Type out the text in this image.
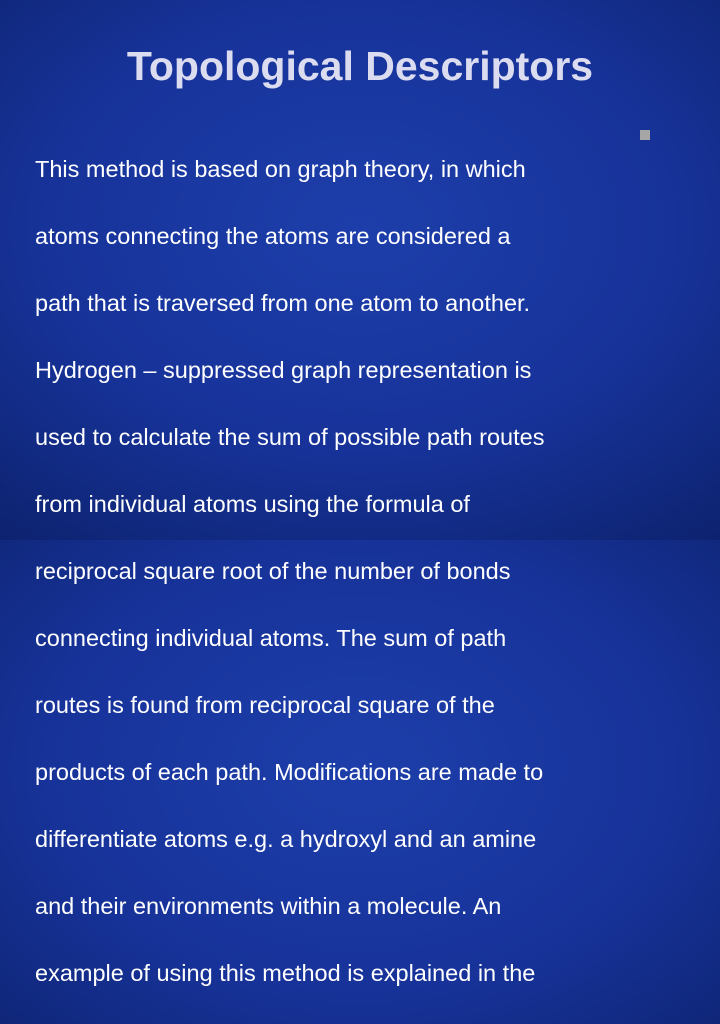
Topological Descriptors

This method is based on graph theory, in which

atoms connecting the atoms are considered a

path that is traversed from one atom to another.

Hydrogen – suppressed graph representation is

used to calculate the sum of possible path routes

from individual atoms using the formula of

reciprocal square root of the number of bonds

connecting individual atoms. The sum of path

routes is found from reciprocal square of the

products of each path. Modifications are made to

differentiate atoms e.g. a hydroxyl and an amine

and their environments within a molecule. An

example of using this method is explained in the
